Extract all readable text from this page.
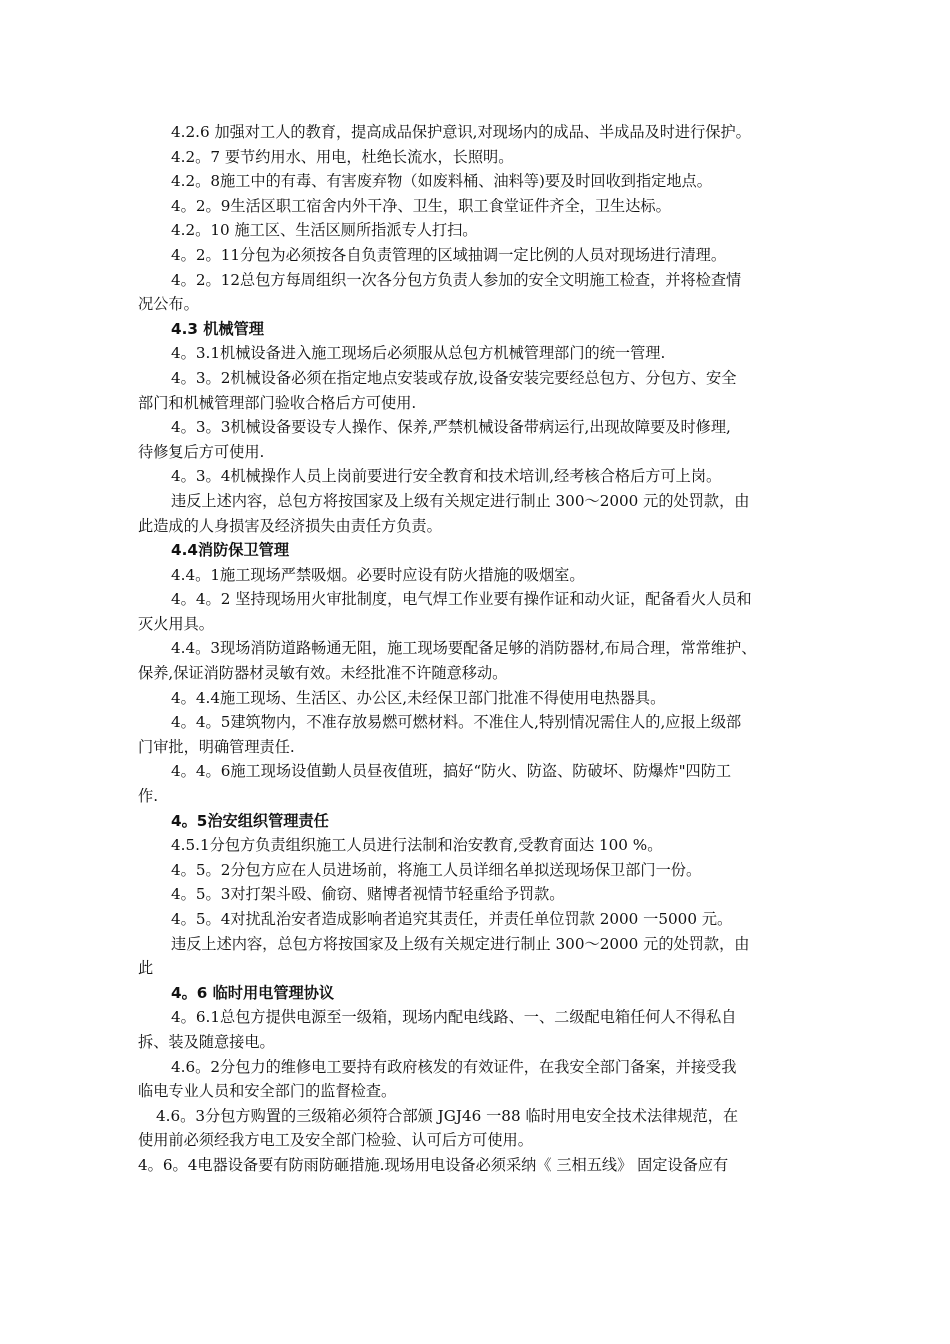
4.2.6 加强对工人的教育，提高成品保护意识,对现场内的成品、半成品及时进行保护。
4.2。7 要节约用水、用电，杜绝长流水，长照明。
4.2。8施工中的有毒、有害废弃物（如废料桶、油料等)要及时回收到指定地点。
4。2。9生活区职工宿舍内外干净、卫生，职工食堂证件齐全，卫生达标。
4.2。10 施工区、生活区厕所指派专人打扫。
4。2。11分包为必须按各自负责管理的区域抽调一定比例的人员对现场进行清理。
4。2。12总包方每周组织一次各分包方负责人参加的安全文明施工检查，并将检查情
况公布。
4.3 机械管理
4。3.1机械设备进入施工现场后必须服从总包方机械管理部门的统一管理.
4。3。2机械设备必须在指定地点安装或存放,设备安装完要经总包方、分包方、安全
部门和机械管理部门验收合格后方可使用.
4。3。3机械设备要设专人操作、保养,严禁机械设备带病运行,出现故障要及时修理,
待修复后方可使用.
4。3。4机械操作人员上岗前要进行安全教育和技术培训,经考核合格后方可上岗。
违反上述内容，总包方将按国家及上级有关规定进行制止 300～2000 元的处罚款，由
此造成的人身损害及经济损失由责任方负责。
4.4消防保卫管理
4.4。1施工现场严禁吸烟。必要时应设有防火措施的吸烟室。
4。4。2 坚持现场用火审批制度，电气焊工作业要有操作证和动火证，配备看火人员和
灭火用具。
4.4。3现场消防道路畅通无阻，施工现场要配备足够的消防器材,布局合理，常常维护、
保养,保证消防器材灵敏有效。未经批准不许随意移动。
4。4.4施工现场、生活区、办公区,未经保卫部门批准不得使用电热器具。
4。4。5建筑物内，不准存放易燃可燃材料。不准住人,特别情况需住人的,应报上级部
门审批，明确管理责任.
4。4。6施工现场设值勤人员昼夜值班，搞好“防火、防盗、防破坏、防爆炸"四防工
作.
4。5治安组织管理责任
4.5.1分包方负责组织施工人员进行法制和治安教育,受教育面达 100 %。
4。5。2分包方应在人员进场前，将施工人员详细名单拟送现场保卫部门一份。
4。5。3对打架斗殴、偷窃、赌博者视情节轻重给予罚款。
4。5。4对扰乱治安者造成影响者追究其责任，并责任单位罚款 2000 一5000 元。
违反上述内容，总包方将按国家及上级有关规定进行制止 300～2000 元的处罚款，由
此
4。6 临时用电管理协议
4。6.1总包方提供电源至一级箱，现场内配电线路、一、二级配电箱任何人不得私自
拆、装及随意接电。
4.6。2分包力的维修电工要持有政府核发的有效证件，在我安全部门备案，并接受我
临电专业人员和安全部门的监督检查。
4.6。3分包方购置的三级箱必须符合部颁 JGJ46 一88 临时用电安全技术法律规范，在
使用前必须经我方电工及安全部门检验、认可后方可使用。
4。6。4电器设备要有防雨防砸措施.现场用电设备必须采纳《 三相五线》 固定设备应有
